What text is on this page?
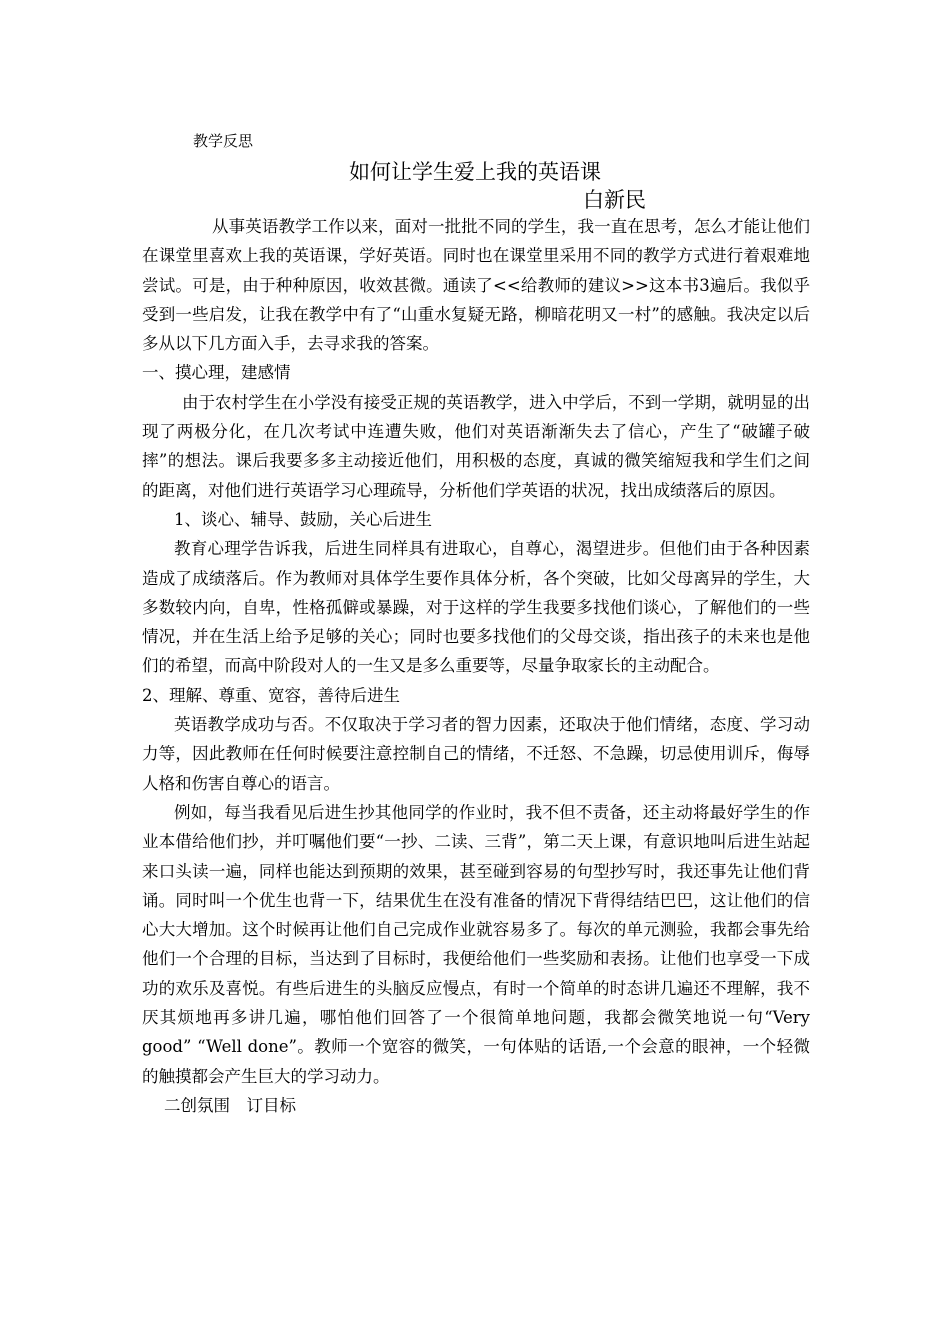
教学反思
如何让学生爱上我的英语课
白新民

从事英语教学工作以来，面对一批批不同的学生，我一直在思考，怎么才能让他们在课堂里喜欢上我的英语课，学好英语。同时也在课堂里采用不同的教学方式进行着艰难地尝试。可是，由于种种原因，收效甚微。通读了<<给教师的建议>>这本书3遍后。我似乎受到一些启发，让我在教学中有了“山重水复疑无路，柳暗花明又一村”的感触。我决定以后多从以下几方面入手，去寻求我的答案。

一、摸心理，建感情

由于农村学生在小学没有接受正规的英语教学，进入中学后，不到一学期，就明显的出现了两极分化，在几次考试中连遭失败，他们对英语渐渐失去了信心，产生了“破罐子破摔”的想法。课后我要多多主动接近他们，用积极的态度，真诚的微笑缩短我和学生们之间的距离，对他们进行英语学习心理疏导，分析他们学英语的状况，找出成绩落后的原因。

1、谈心、辅导、鼓励，关心后进生

教育心理学告诉我，后进生同样具有进取心，自尊心，渴望进步。但他们由于各种因素造成了成绩落后。作为教师对具体学生要作具体分析，各个突破，比如父母离异的学生，大多数较内向，自卑，性格孤僻或暴躁，对于这样的学生我要多找他们谈心，了解他们的一些情况，并在生活上给予足够的关心；同时也要多找他们的父母交谈，指出孩子的未来也是他们的希望，而高中阶段对人的一生又是多么重要等，尽量争取家长的主动配合。

2、理解、尊重、宽容，善待后进生

英语教学成功与否。不仅取决于学习者的智力因素，还取决于他们情绪，态度、学习动力等，因此教师在任何时候要注意控制自己的情绪，不迁怒、不急躁，切忌使用训斥，侮辱人格和伤害自尊心的语言。

例如，每当我看见后进生抄其他同学的作业时，我不但不责备，还主动将最好学生的作业本借给他们抄，并叮嘱他们要“一抄、二读、三背”，第二天上课，有意识地叫后进生站起来口头读一遍，同样也能达到预期的效果，甚至碰到容易的句型抄写时，我还事先让他们背诵。同时叫一个优生也背一下，结果优生在没有准备的情况下背得结结巴巴，这让他们的信心大大增加。这个时候再让他们自己完成作业就容易多了。每次的单元测验，我都会事先给他们一个合理的目标，当达到了目标时，我便给他们一些奖励和表扬。让他们也享受一下成功的欢乐及喜悦。有些后进生的头脑反应慢点，有时一个简单的时态讲几遍还不理解，我不厌其烦地再多讲几遍，哪怕他们回答了一个很简单地问题，我都会微笑地说一句“Very good” “Well done”。教师一个宽容的微笑，一句体贴的话语,一个会意的眼神，一个轻微的触摸都会产生巨大的学习动力。

二创氛围　订目标
